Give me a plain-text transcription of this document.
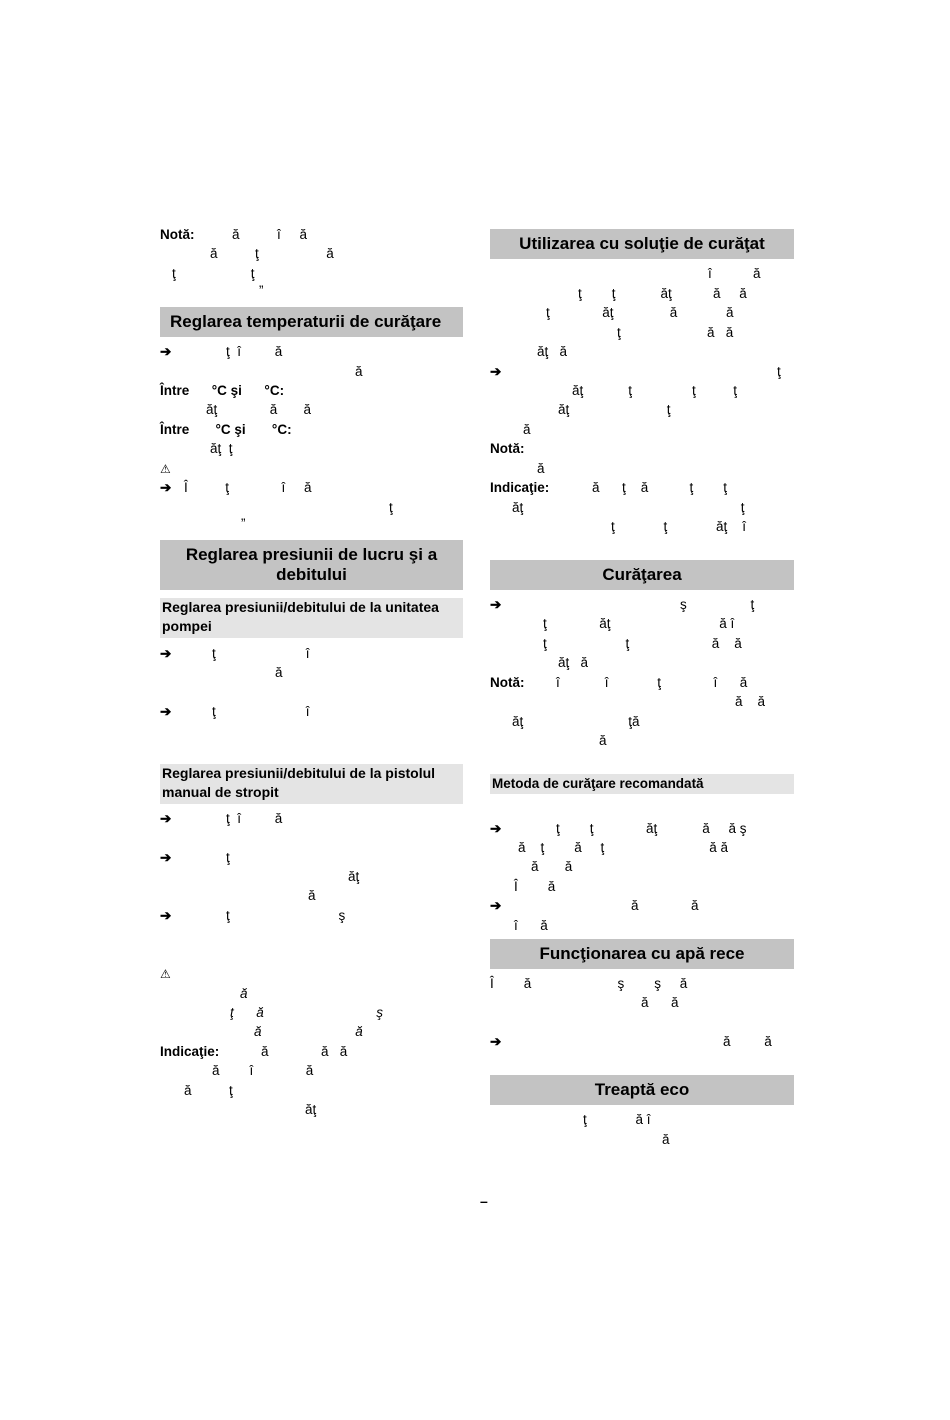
Notă:	ă          î     ă
ă          ţ                  ă
ţ                    ţ
”
Reglarea temperaturii de curăţare
➔	ţ  î         ă
ă
Între      °C şi      °C:
ăţ              ă       ă
Între       °C şi       °C:
ăţ  ţ
⚠
➔ Î          ţ              î     ă
ţ
”
Reglarea presiunii de lucru şi a debitului
Reglarea presiunii/debitului de la unitatea pompei
➔	ţ                        î
ă
➔	ţ                        î
Reglarea presiunii/debitului de la pistolul manual de stropit
➔	ţ  î         ă
➔	ţ
ăţ
ă
➔	ţ                             ş
⚠
ă
ţ      ă                              ş
ă                         ă
Indicaţie:	ă              ă   ă
ă        î              ă
ă          ţ
ăţ
Utilizarea cu soluţie de curăţat
î           ă
ţ        ţ            ăţ           ă     ă
ţ              ăţ               ă             ă
ţ                       ă   ă
ăţ   ă
➔	ţ
ăţ            ţ                ţ          ţ
ăţ                          ţ
ă
Notă:
ă
Indicaţie:	ă      ţ    ă           ţ        ţ
ăţ                                                          ţ
ţ             ţ             ăţ    î
Curăţarea
➔	ş                 ţ
ţ              ăţ                             ă î
ţ                     ţ                      ă    ă
ăţ   ă
Notă: î            î             ţ              î      ă
ă    ă
ăţ                            ţă
ă
Metoda de curăţare recomandată
➔	ţ        ţ              ăţ            ă     ă ş
ă    ţ        ă     ţ                            ă ă
ă       ă
Î        ă
➔	ă              ă
î      ă
Funcţionarea cu apă rece
Î        ă                       ş        ş     ă
ă      ă
➔	ă         ă
Treaptă eco
ţ             ă î
ă
–
